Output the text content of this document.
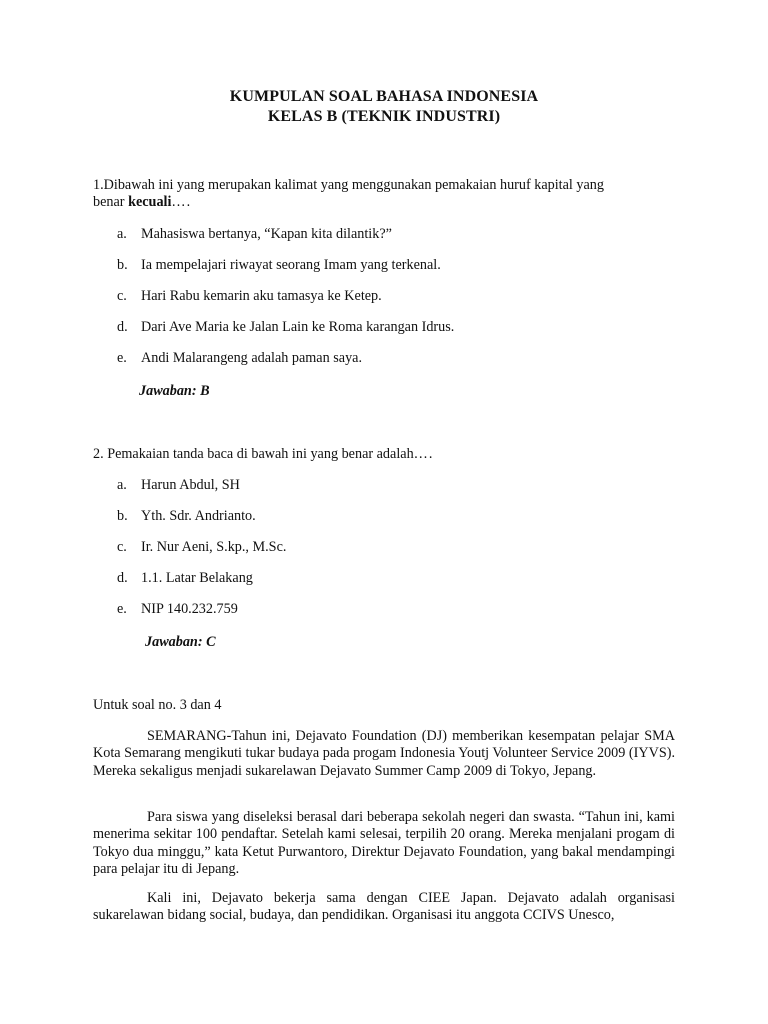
KUMPULAN SOAL BAHASA INDONESIA
KELAS B (TEKNIK INDUSTRI)
1.Dibawah ini yang merupakan kalimat yang menggunakan pemakaian huruf kapital yang
benar kecuali….
a. Mahasiswa bertanya, “Kapan kita dilantik?”
b. Ia mempelajari riwayat seorang Imam yang terkenal.
c. Hari Rabu kemarin aku tamasya ke Ketep.
d. Dari Ave Maria ke Jalan Lain ke Roma karangan Idrus.
e. Andi Malarangeng adalah paman saya.
Jawaban: B
2. Pemakaian tanda baca di bawah ini yang benar adalah….
a. Harun Abdul, SH
b. Yth. Sdr. Andrianto.
c. Ir. Nur Aeni, S.kp., M.Sc.
d. 1.1. Latar Belakang
e. NIP 140.232.759
Jawaban: C
Untuk soal no. 3 dan 4

SEMARANG-Tahun ini, Dejavato Foundation (DJ) memberikan kesempatan pelajar SMA Kota Semarang mengikuti tukar budaya pada progam Indonesia Youtj Volunteer Service 2009 (IYVS). Mereka sekaligus menjadi sukarelawan Dejavato Summer Camp 2009 di Tokyo, Jepang.

Para siswa yang diseleksi berasal dari beberapa sekolah negeri dan swasta. “Tahun ini, kami menerima sekitar 100 pendaftar. Setelah kami selesai, terpilih 20 orang. Mereka menjalani progam di Tokyo dua minggu,” kata Ketut Purwantoro, Direktur Dejavato Foundation, yang bakal mendampingi para pelajar itu di Jepang.

Kali ini, Dejavato bekerja sama dengan CIEE Japan. Dejavato adalah organisasi sukarelawan bidang social, budaya, dan pendidikan. Organisasi itu anggota CCIVS Unesco,
